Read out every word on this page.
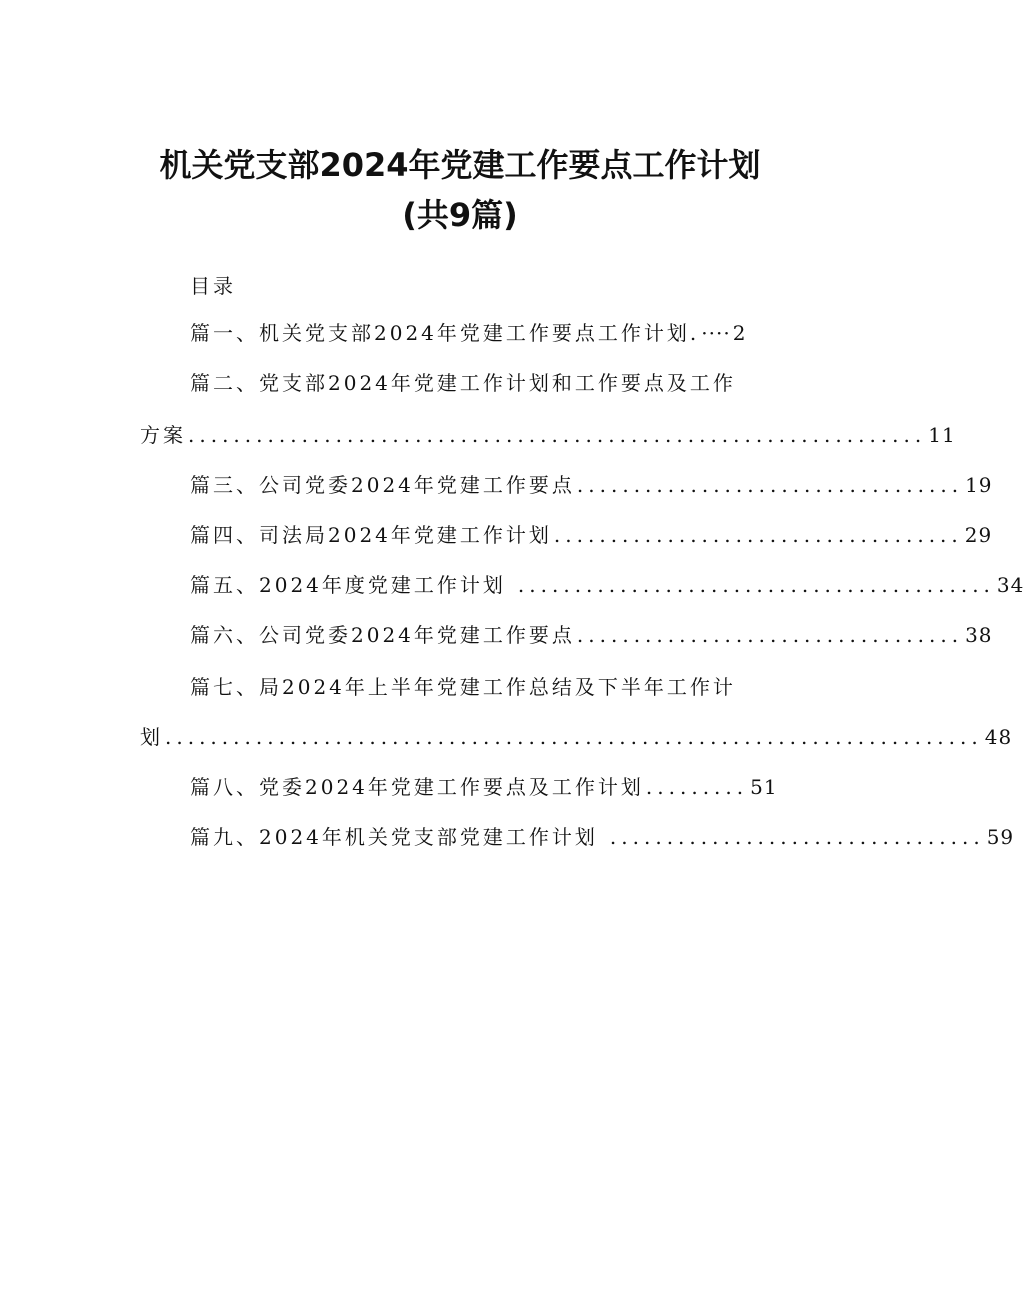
机关党支部2024年党建工作要点工作计划
(共9篇)
目录
篇一、机关党支部2024年党建工作要点工作计划. ···· 2
篇二、党支部2024年党建工作计划和工作要点及工作
方案 ................................................................. 11
篇三、公司党委2024年党建工作要点 .................................. 19
篇四、司法局2024年党建工作计划 .................................... 29
篇五、2024年度党建工作计划 .......................................... 34
篇六、公司党委2024年党建工作要点 .................................. 38
篇七、局2024年上半年党建工作总结及下半年工作计
划 ........................................................................ 48
篇八、党委2024年党建工作要点及工作计划 ......... 51
篇九、2024年机关党支部党建工作计划 ................................. 59
